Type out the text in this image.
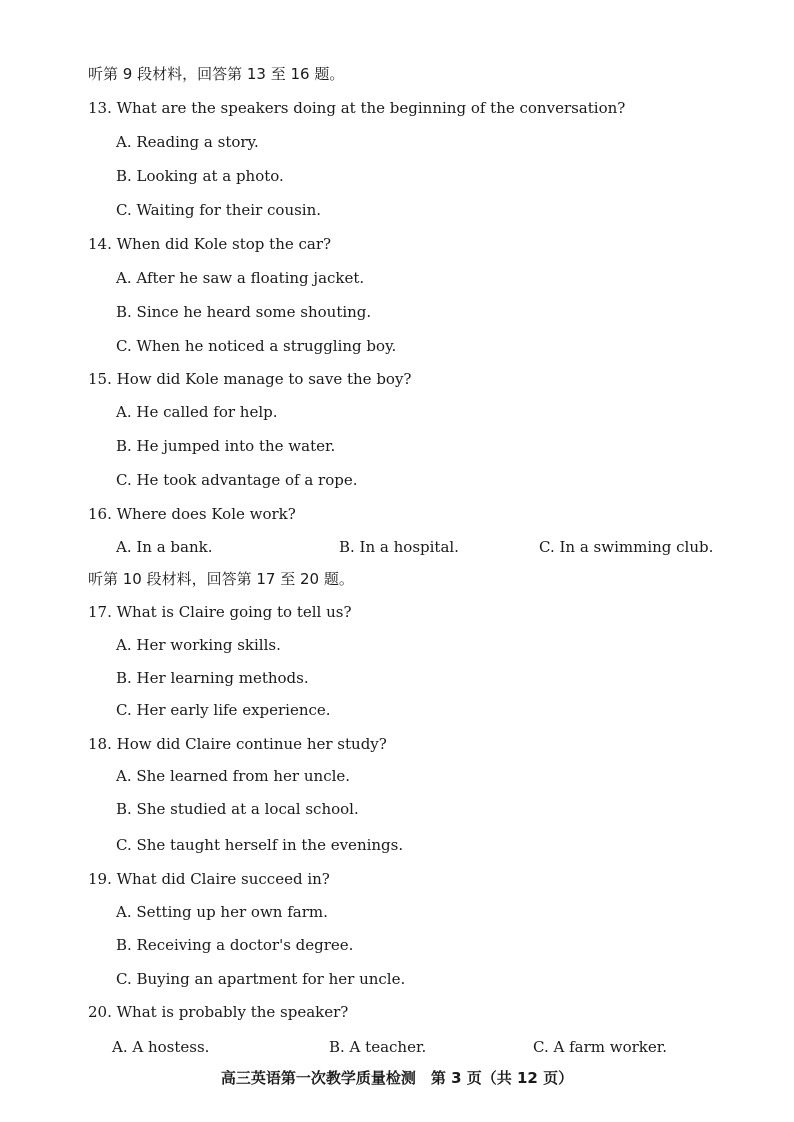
听第 9 段材料，回答第 13 至 16 题。
13. What are the speakers doing at the beginning of the conversation?
A. Reading a story.
B. Looking at a photo.
C. Waiting for their cousin.
14. When did Kole stop the car?
A. After he saw a floating jacket.
B. Since he heard some shouting.
C. When he noticed a struggling boy.
15. How did Kole manage to save the boy?
A. He called for help.
B. He jumped into the water.
C. He took advantage of a rope.
16. Where does Kole work?
A. In a bank.	B. In a hospital.	C. In a swimming club.
听第 10 段材料，回答第 17 至 20 题。
17. What is Claire going to tell us?
A. Her working skills.
B. Her learning methods.
C. Her early life experience.
18. How did Claire continue her study?
A. She learned from her uncle.
B. She studied at a local school.
C. She taught herself in the evenings.
19. What did Claire succeed in?
A. Setting up her own farm.
B. Receiving a doctor's degree.
C. Buying an apartment for her uncle.
20. What is probably the speaker?
A. A hostess.	B. A teacher.	C. A farm worker.
高三英语第一次教学质量检测　第 3 页（共 12 页）
